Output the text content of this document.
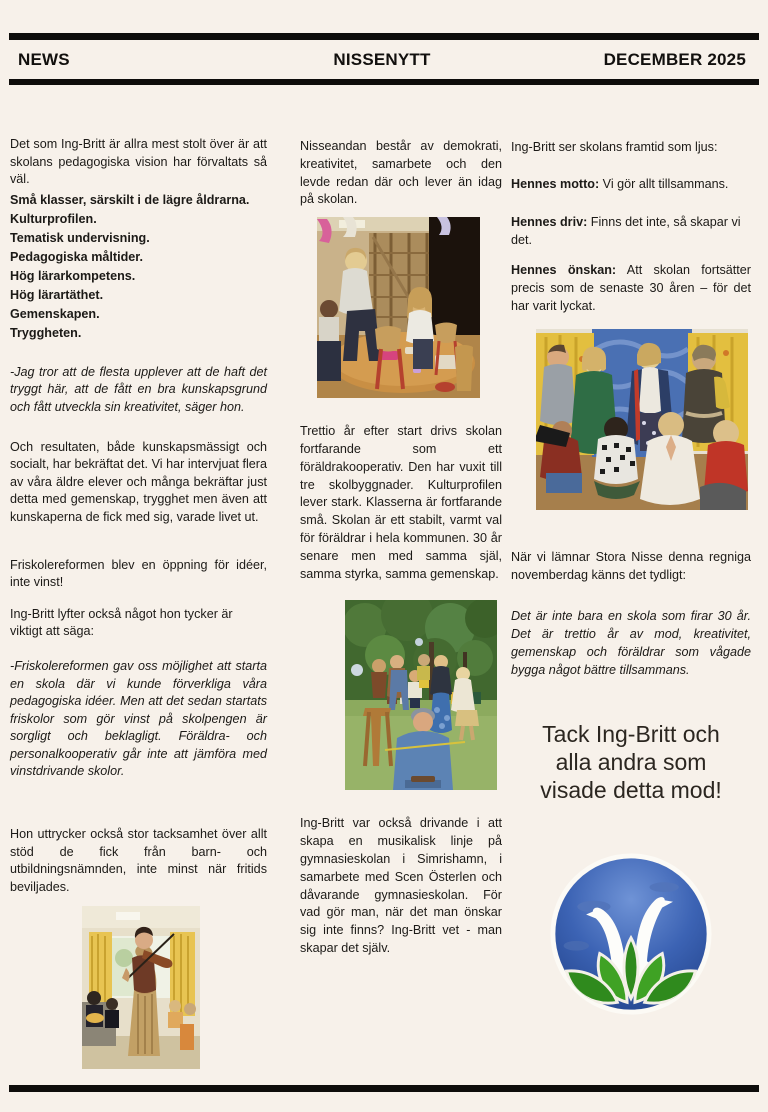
NEWS	NISSENYTT	DECEMBER 2025

Det som Ing-Britt är allra mest stolt över är att skolans pedagogiska vision har förvaltats så väl.

Små klasser, särskilt i de lägre åldrarna.
Kulturprofilen.
Tematisk undervisning.
Pedagogiska måltider.
Hög lärarkompetens.
Hög lärartäthet.
Gemenskapen.
Tryggheten.

-Jag tror att de flesta upplever att de haft det tryggt här, att de fått en bra kunskapsgrund och fått utveckla sin kreativitet, säger hon.

Och resultaten, både kunskapsmässigt och socialt, har bekräftat det. Vi har intervjuat flera av våra äldre elever och många bekräftar just detta med gemenskap, trygghet men även att kunskaperna de fick med sig, varade livet ut.

Friskolereformen blev en öppning för idéer, inte vinst!

Ing-Britt lyfter också något hon tycker är viktigt att säga:

-Friskolereformen gav oss möjlighet att starta en skola där vi kunde förverkliga våra pedagogiska idéer. Men att det sedan startats friskolor som gör vinst på skolpengen är sorgligt och beklagligt. Föräldra- och personalkooperativ går inte att jämföra med vinstdrivande skolor.

Hon uttrycker också stor tacksamhet över allt stöd de fick från barn- och utbildningsnämnden, inte minst när fritids beviljades.

Nisseandan består av demokrati, kreativitet, samarbete och den levde redan där och lever än idag på skolan.

Trettio år efter start drivs skolan fortfarande som ett föräldrakooperativ. Den har vuxit till tre skolbyggnader. Kulturprofilen lever stark. Klasserna är fortfarande små. Skolan är ett stabilt, varmt val för föräldrar i hela kommunen. 30 år senare men med samma själ, samma styrka, samma gemenskap.

Ing-Britt var också drivande i att skapa en musikalisk linje på gymnasieskolan i Simrishamn, i samarbete med Scen Österlen och dåvarande gymnasieskolan. För vad gör man, när det man önskar sig inte finns? Ing-Britt vet - man skapar det själv.

Ing-Britt ser skolans framtid som ljus:

Hennes motto: Vi gör allt tillsammans.

Hennes driv: Finns det inte, så skapar vi det.

Hennes önskan: Att skolan fortsätter precis som de senaste 30 åren – för det har varit lyckat.

När vi lämnar Stora Nisse denna regniga novemberdag känns det tydligt:

Det är inte bara en skola som firar 30 år. Det är trettio år av mod, kreativitet, gemenskap och föräldrar som vågade bygga något bättre tillsammans.

Tack Ing-Britt och alla andra som visade detta mod!
